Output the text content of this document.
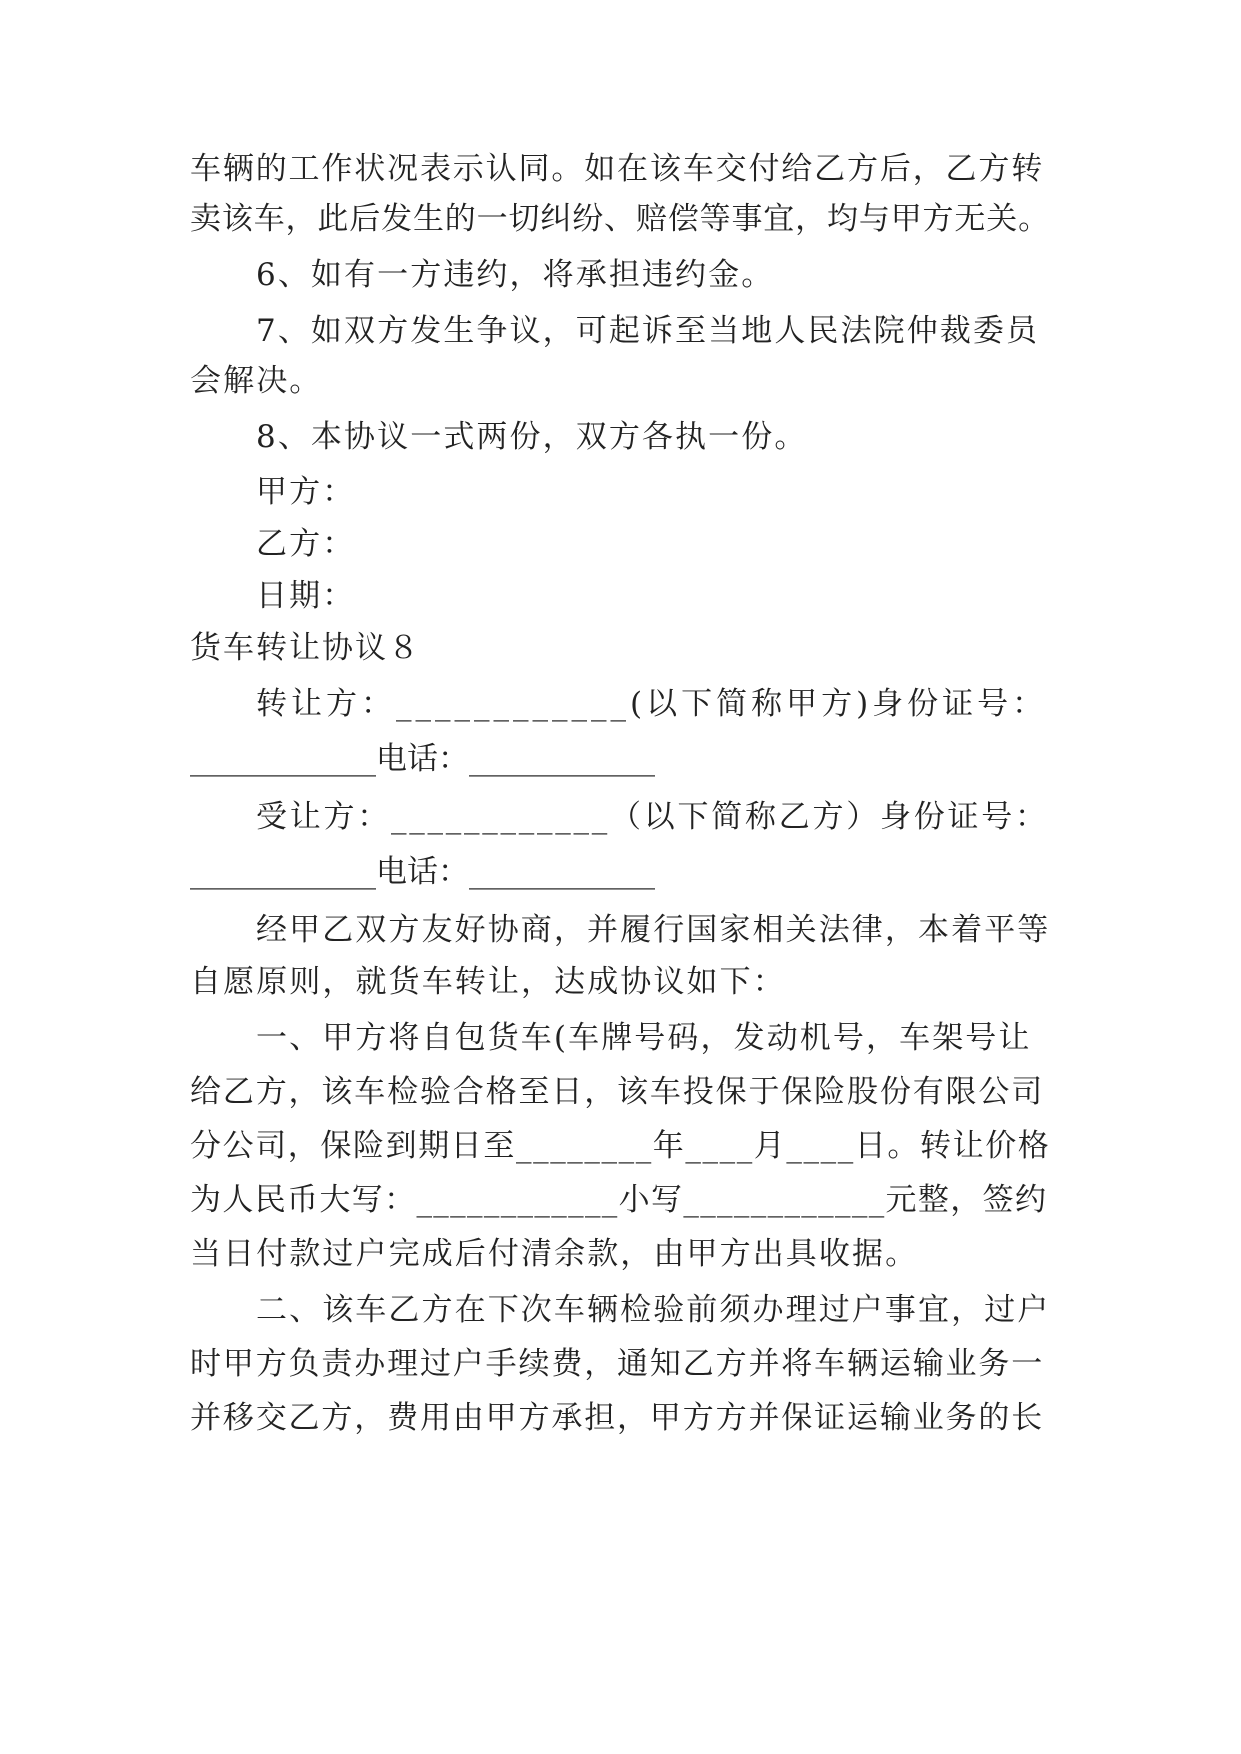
车辆的工作状况表示认同。如在该车交付给乙方后，乙方转
卖该车，此后发生的一切纠纷、赔偿等事宜，均与甲方无关。
6、如有一方违约，将承担违约金。
7、如双方发生争议，可起诉至当地人民法院仲裁委员
会解决。
8、本协议一式两份，双方各执一份。
甲方：
乙方：
日期：
货车转让协议８
转让方：____________(以下简称甲方)身份证号：
____________电话：____________
受让方：____________（以下简称乙方）身份证号：
____________电话：____________
经甲乙双方友好协商，并履行国家相关法律，本着平等
自愿原则，就货车转让，达成协议如下：
一、甲方将自包货车(车牌号码，发动机号，车架号让
给乙方，该车检验合格至日，该车投保于保险股份有限公司
分公司，保险到期日至________年____月____日。转让价格
为人民币大写：____________小写____________元整，签约
当日付款过户完成后付清余款，由甲方出具收据。
二、该车乙方在下次车辆检验前须办理过户事宜，过户
时甲方负责办理过户手续费，通知乙方并将车辆运输业务一
并移交乙方，费用由甲方承担，甲方方并保证运输业务的长
